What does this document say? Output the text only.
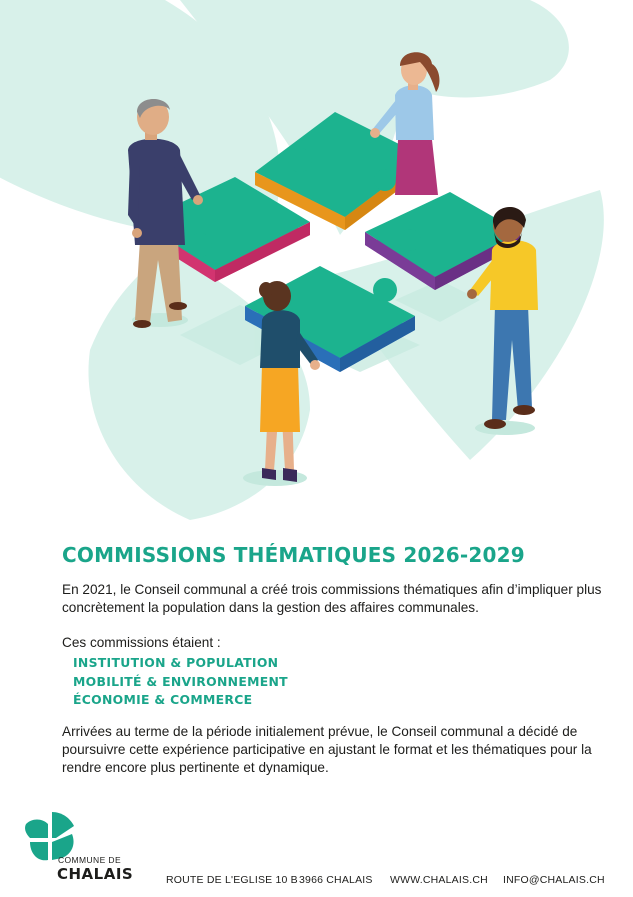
COMMISSIONS THÉMATIQUES 2026-2029

En 2021, le Conseil communal a créé trois commissions thématiques afin d’impliquer plus concrètement la population dans la gestion des affaires communales.

Ces commissions étaient :

INSTITUTION & POPULATION
MOBILITÉ & ENVIRONNEMENT
ÉCONOMIE & COMMERCE

Arrivées au terme de la période initialement prévue, le Conseil communal a décidé de poursuivre cette expérience participative en ajustant le format et les thématiques pour la rendre encore plus pertinente et dynamique.

COMMUNE DE
CHALAIS	ROUTE DE L'EGLISE 10 B 3966 CHALAIS WWW.CHALAIS.CH INFO@CHALAIS.CH
